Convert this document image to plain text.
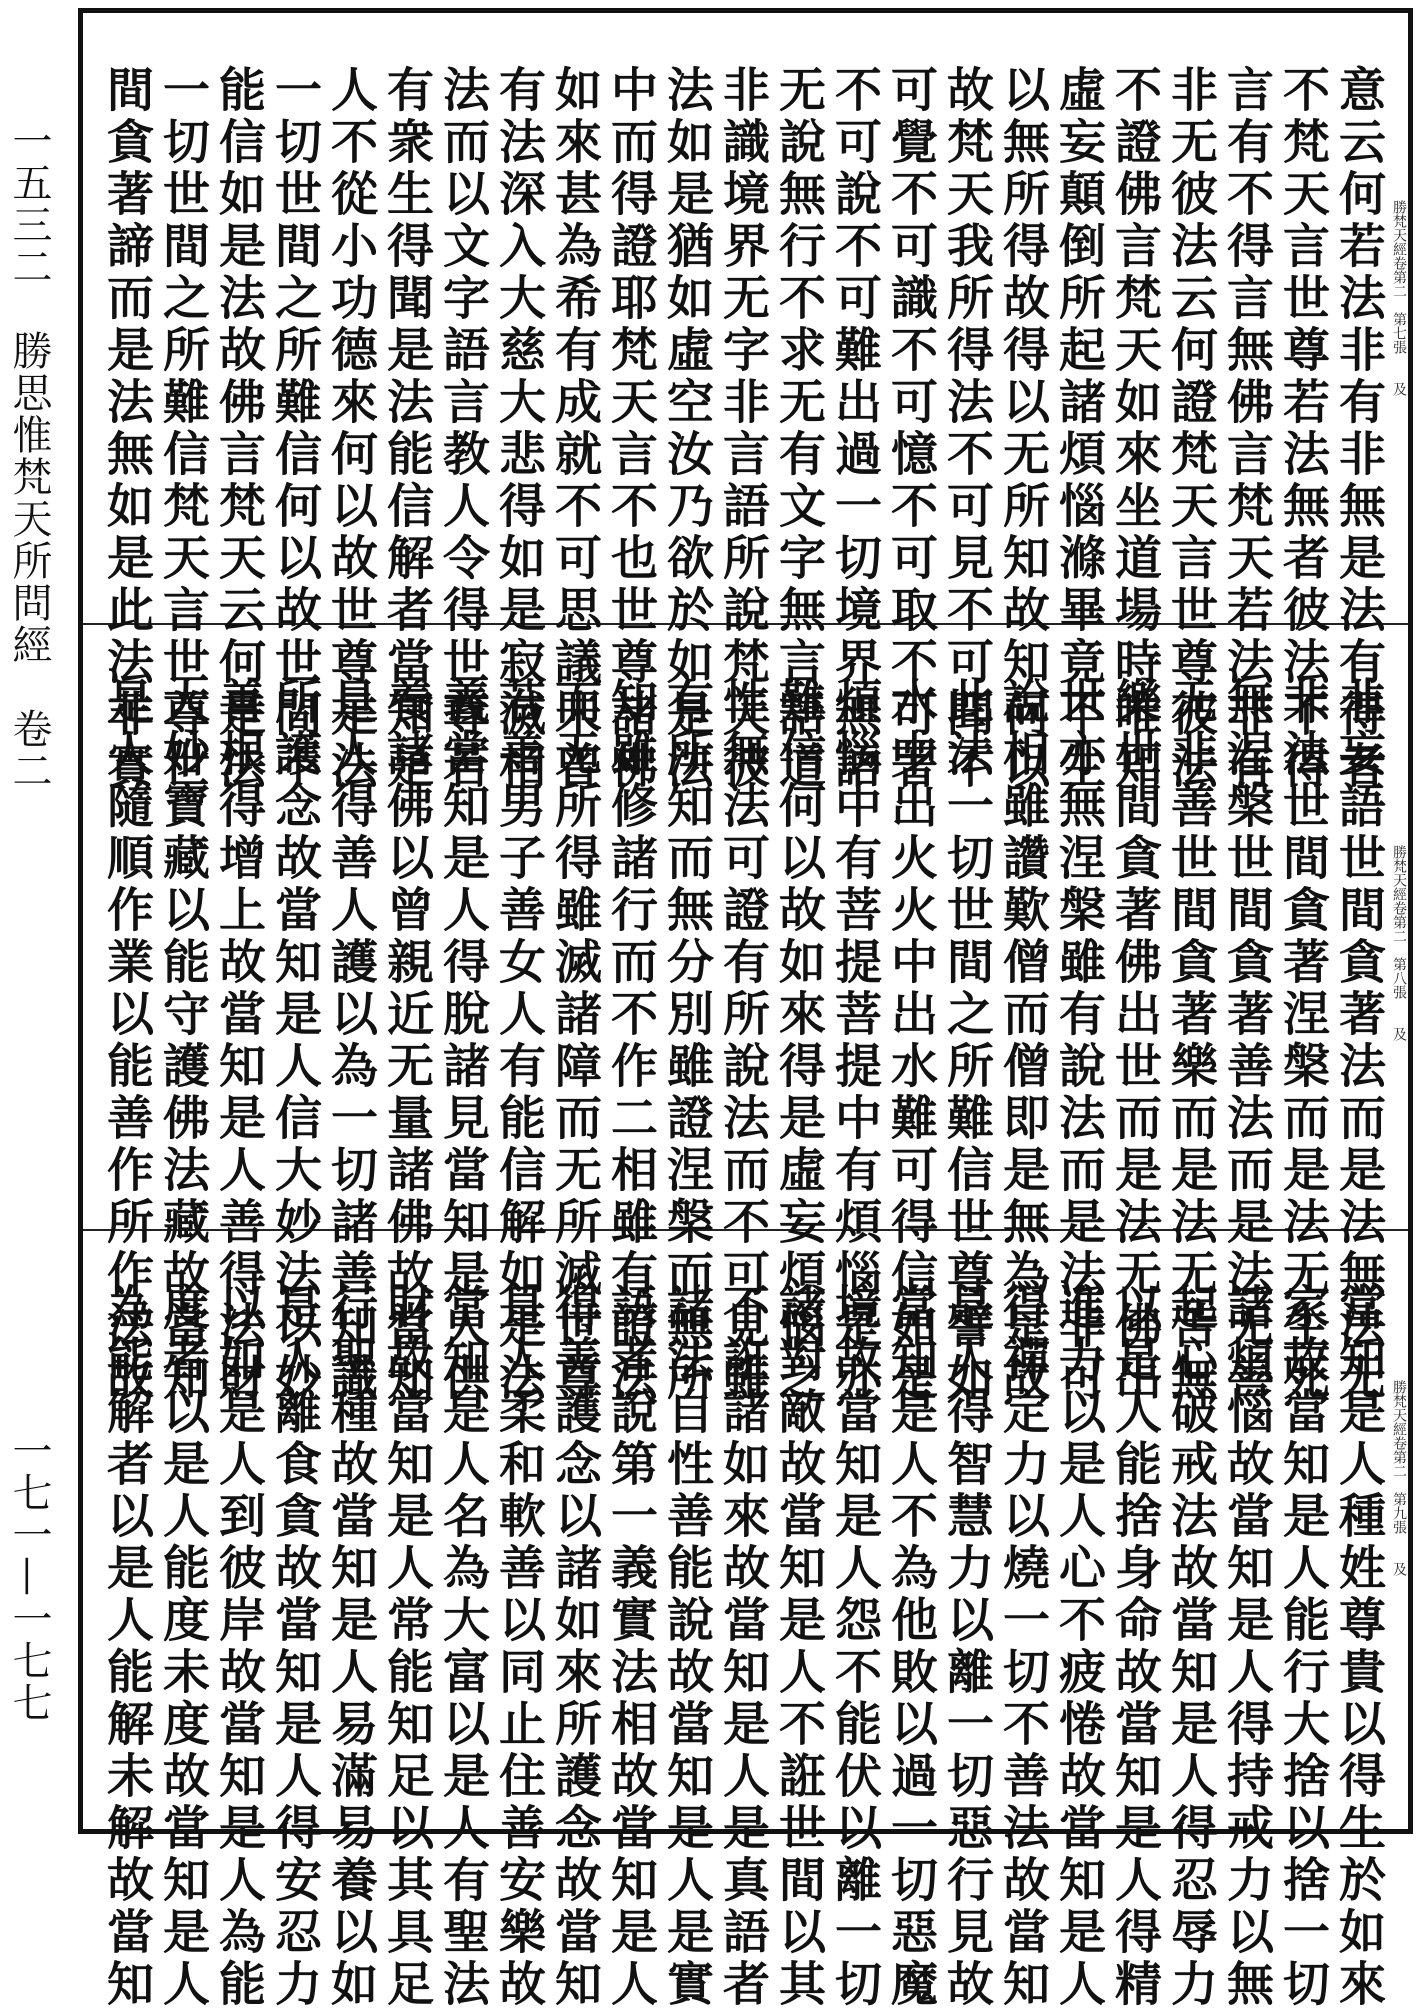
一五三二　勝思惟梵天所問經　卷二
一七一—一七七
意云何若法非有非無是法有得者
不梵天言世尊若法無者彼法不得
言有不得言無佛言梵天若法非有
非无彼法云何證梵天言世尊彼法
不證佛言梵天如來坐道場時唯知
虛妄顛倒所起諸煩惱滌畢竟不生
以無所得故得以无所知故知何以
故梵天我所得法不可見不可聞不
可覺不可識不可憶不可取不可著
不可說不可難出過一切境界無語
无說無行不求无有文字無言語道
非識境界无字非言語所說梵天彼
法如是猶如虛空汝乃欲於如是法
中而得證耶梵天言不也世尊諸佛
如來甚為希有成就不可思議未曾
有法深入大慈大悲得如是寂滅相
法而以文字語言教人令得世尊若
有衆生得聞是法能信解者當知是
人不從小功德來何以故世尊是法
一切世間之所難信何以故世間不
能信如是法故佛言梵天云何是法
一切世間之所難信梵天言世尊世
間貪著諦而是法無如是此法非實
非妄語世間貪著法而是法無法无
非法世間貪著涅槃而是法无生死
無涅槃世間貪著善法而是法无善
无非善世間貪著樂而是法无苦無
樂世間貪著佛出世而是法无佛出
世亦無涅槃雖有說法而是法非可
說相雖讚歎僧而僧即是無為是故
此法一切世間之所難信世尊譬如
水中出火火中出水難可得信如是
煩惱中有菩提菩提中有煩惱是亦
難信何以故如來得是虛妄煩惱之
性無法可證有所說法而不可見雖
有所知而無分別雖證涅槃而無所
知雖修諸行而不作二相雖有證法
而无所得雖滅諸障而无所滅世尊
若善男子善女人有能信解如是法
義當知是人得脫諸見當知是人供
養諸佛以曾親近无量諸佛故當知
是人得善人護以為一切諸善知識
所護念故當知是人信大妙法以妙
善根得增上故當知是人善得法財
大妙寶藏以能守護佛法藏故當知
是人隨順作業以能善作所作法故
當知是人種姓尊貴以得生於如來
家故當知是人能行大捨以捨一切
諸煩惱故當知是人得持戒力以無
起心破戒法故當知是人得忍辱力
以是人能捨身命故當知是人得精
進力以是人心不疲惓故當知是人
得禪定力以燒一切不善法故當知
是人得智慧力以離一切惡行見故
當知是人不為他敗以過一切惡魔
境故當知是人怨不能伏以離一切
諸對敵故當知是人不誑世間以其
不誑諸如來故當知是人是真語者
諸法自性善能說故當知是人是實
語者說第一義實法相故當知是人
得善護念以諸如來所護念故當知
是人柔和軟善以同止住善安樂故
當知是人名為大富以是人有聖法
財故當知是人常能知足以其具足
行聖種故當知是人易滿易養以如
是人離食貪故當知是人得安忍力
以如是人到彼岸故當知是人為能
度者以是人能度未度故當知是人
為能解者以是人能解未解故當知
勝梵天經卷第二　第七張　　及
勝梵天經卷第二　第八張　　及
勝梵天經卷第二　第九張　　及
